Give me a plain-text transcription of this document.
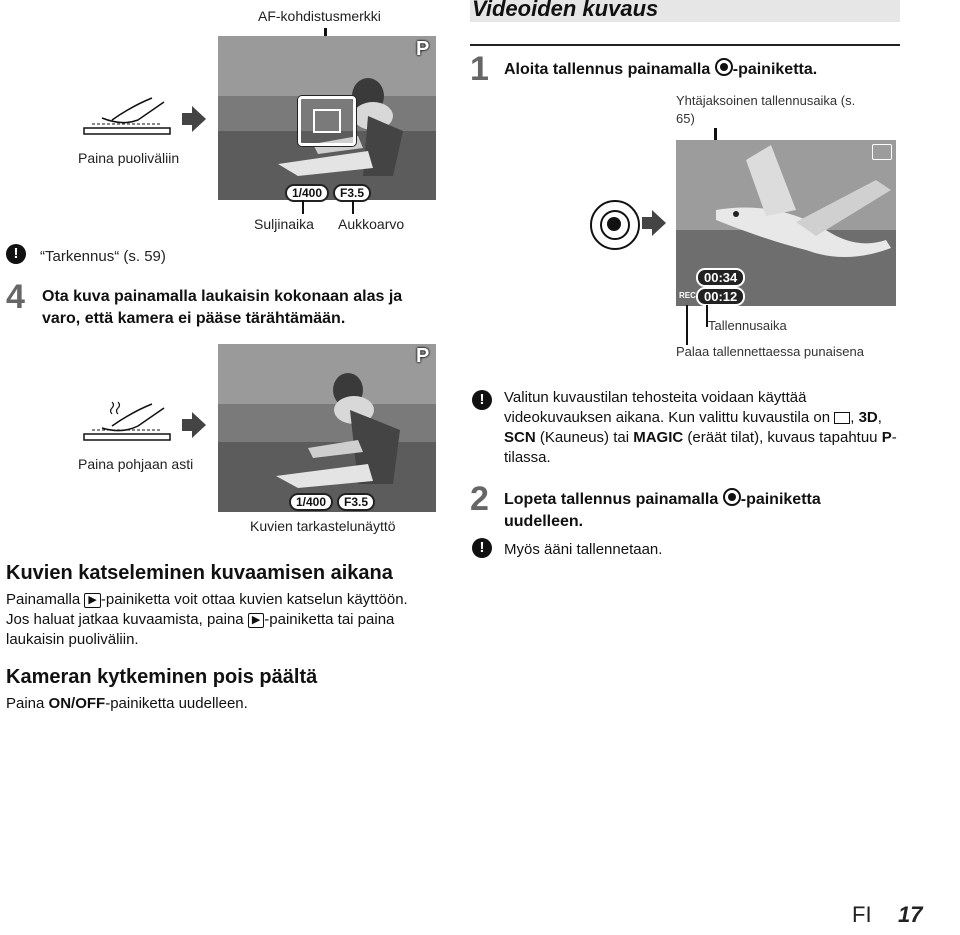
AF-kohdistusmerkki
P
1/400	F3.5
Suljinaika Aukkoarvo
Paina puoliväliin
!	“Tarkennus“ (s. 59)
4 Ota kuva painamalla laukaisin kokonaan alas ja varo, että kamera ei pääse tärähtämään.
P
1/400	F3.5
Paina pohjaan asti
Kuvien tarkastelunäyttö
Kuvien katseleminen kuvaamisen aikana
Painamalla ▶ -painiketta voit ottaa kuvien katselun käyttöön. Jos haluat jatkaa kuvaamista, paina ▶ -painiketta tai paina laukaisin puoliväliin.
Kameran kytkeminen pois päältä
Paina ON/OFF-painiketta uudelleen.
Videoiden kuvaus
1 Aloita tallennus painamalla -painiketta.
Yhtäjaksoinen tallennusaika (s. 65)
00:34
00:12
REC
Tallennusaika
Palaa tallennettaessa punaisena
!	Valitun kuvaustilan tehosteita voidaan käyttää videokuvauksen aikana. Kun valittu kuvaustila on , 3D, SCN (Kauneus) tai MAGIC (eräät tilat), kuvaus tapahtuu P-tilassa.
2 Lopeta tallennus painamalla -painiketta uudelleen.
!	Myös ääni tallennetaan.
FI 17
